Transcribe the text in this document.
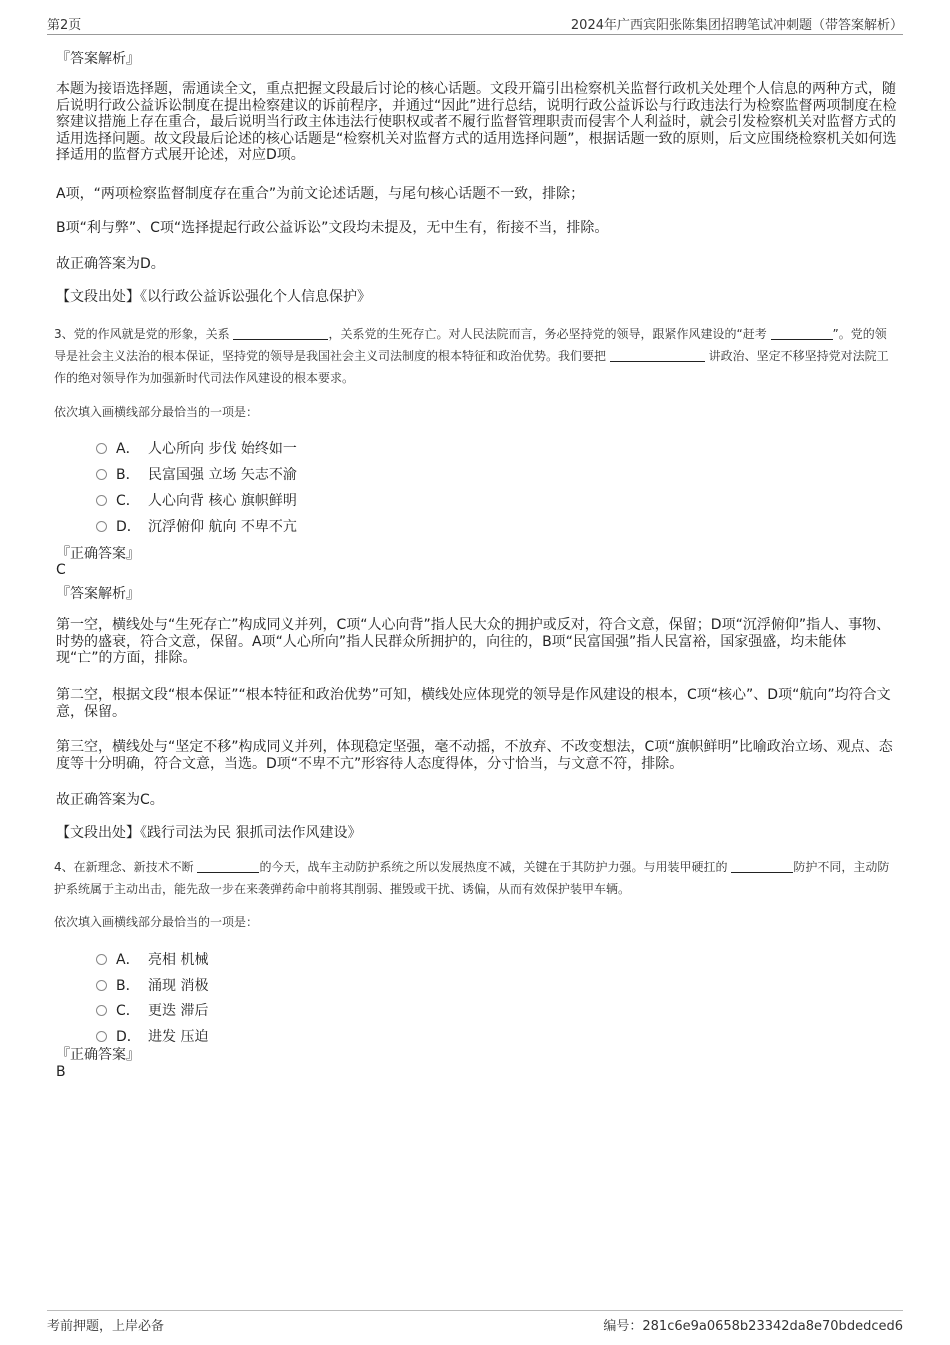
第2页	2024年广西宾阳张陈集团招聘笔试冲刺题（带答案解析）
『答案解析』
本题为接语选择题，需通读全文，重点把握文段最后讨论的核心话题。文段开篇引出检察机关监督行政机关处理个人信息的两种方式，随后说明行政公益诉讼制度在提出检察建议的诉前程序，并通过“因此”进行总结，说明行政公益诉讼与行政违法行为检察监督两项制度在检察建议措施上存在重合，最后说明当行政主体违法行使职权或者不履行监督管理职责而侵害个人利益时，就会引发检察机关对监督方式的适用选择问题。故文段最后论述的核心话题是“检察机关对监督方式的适用选择问题”，根据话题一致的原则，后文应围绕检察机关如何选择适用的监督方式展开论述，对应D项。
A项，“两项检察监督制度存在重合”为前文论述话题，与尾句核心话题不一致，排除；
B项“利与弊”、C项“选择提起行政公益诉讼”文段均未提及，无中生有，衔接不当，排除。
故正确答案为D。
【文段出处】《以行政公益诉讼强化个人信息保护》
3、党的作风就是党的形象，关系	，关系党的生死存亡。对人民法院而言，务必坚持党的领导，跟紧作风建设的“赶考	”。党的领导是社会主义法治的根本保证，坚持党的领导是我国社会主义司法制度的根本特征和政治优势。我们要把	讲政治、坚定不移坚持党对法院工作的绝对领导作为加强新时代司法作风建设的根本要求。
依次填入画横线部分最恰当的一项是：
A． 人心所向 步伐 始终如一
B． 民富国强 立场 矢志不渝
C． 人心向背 核心 旗帜鲜明
D． 沉浮俯仰 航向 不卑不亢
『正确答案』
C
『答案解析』
第一空，横线处与“生死存亡”构成同义并列，C项“人心向背”指人民大众的拥护或反对，符合文意，保留；D项“沉浮俯仰”指人、事物、时势的盛衰，符合文意，保留。A项“人心所向”指人民群众所拥护的，向往的，B项“民富国强”指人民富裕，国家强盛，均未能体现“亡”的方面，排除。
第二空，根据文段“根本保证”“根本特征和政治优势”可知，横线处应体现党的领导是作风建设的根本，C项“核心”、D项“航向”均符合文意，保留。
第三空，横线处与“坚定不移”构成同义并列，体现稳定坚强，毫不动摇，不放弃、不改变想法，C项“旗帜鲜明”比喻政治立场、观点、态度等十分明确，符合文意，当选。D项“不卑不亢”形容待人态度得体，分寸恰当，与文意不符，排除。
故正确答案为C。
【文段出处】《践行司法为民 狠抓司法作风建设》
4、在新理念、新技术不断	的今天，战车主动防护系统之所以发展热度不减，关键在于其防护力强。与用装甲硬扛的	防护不同，主动防护系统属于主动出击，能先敌一步在来袭弹药命中前将其削弱、摧毁或干扰、诱偏，从而有效保护装甲车辆。
依次填入画横线部分最恰当的一项是：
A． 亮相 机械
B． 涌现 消极
C． 更迭 滞后
D． 进发 压迫
『正确答案』
B
考前押题，上岸必备	编号：281c6e9a0658b23342da8e70bdedced6
